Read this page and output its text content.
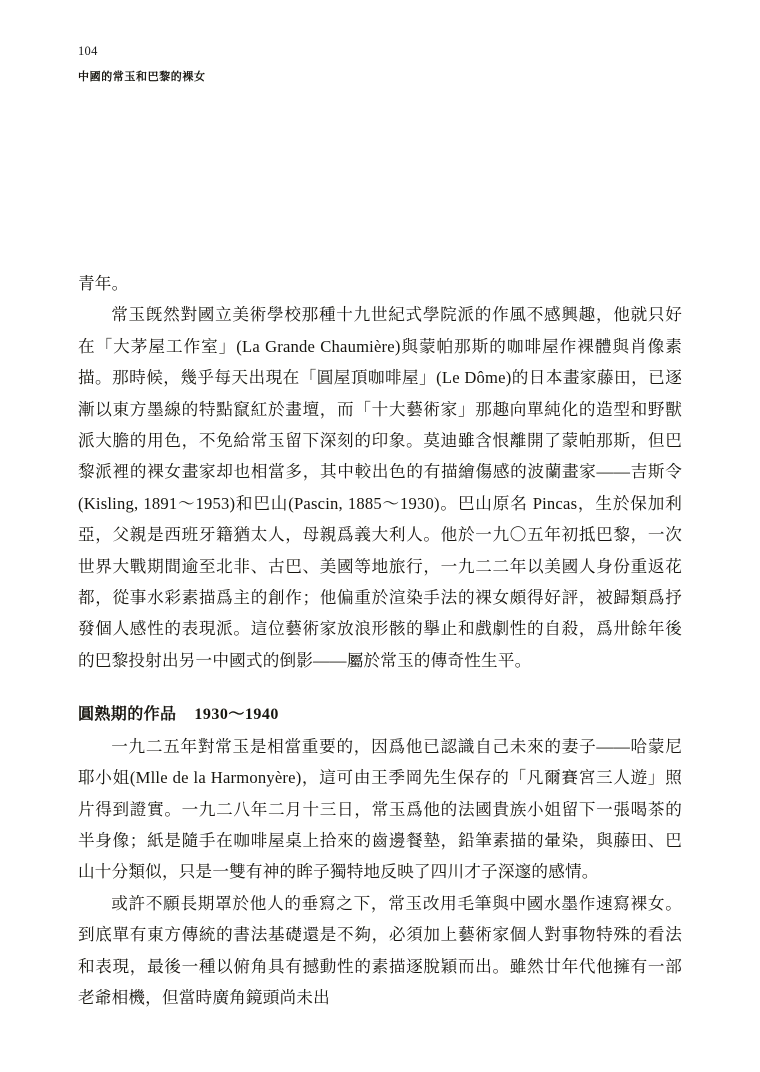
104
中國的常玉和巴黎的裸女

青年。

常玉旣然對國立美術學校那種十九世紀式學院派的作風不感興趣，他就只好在「大茅屋工作室」(La Grande Chaumière)與蒙帕那斯的咖啡屋作裸體與肖像素描。那時候，幾乎每天出現在「圓屋頂咖啡屋」(Le Dôme)的日本畫家藤田，已逐漸以東方墨線的特點竄紅於畫壇，而「十大藝術家」那趣向單純化的造型和野獸派大膽的用色，不免給常玉留下深刻的印象。莫迪雖含恨離開了蒙帕那斯，但巴黎派裡的裸女畫家却也相當多，其中較出色的有描繪傷感的波蘭畫家——吉斯令(Kisling, 1891～1953)和巴山(Pascin, 1885～1930)。巴山原名 Pincas，生於保加利亞，父親是西班牙籍猶太人，母親爲義大利人。他於一九〇五年初抵巴黎，一次世界大戰期間逾至北非、古巴、美國等地旅行，一九二二年以美國人身份重返花都，從事水彩素描爲主的創作；他偏重於渲染手法的裸女頗得好評，被歸類爲抒發個人感性的表現派。這位藝術家放浪形骸的擧止和戲劇性的自殺，爲卅餘年後的巴黎投射出另一中國式的倒影——屬於常玉的傳奇性生平。

圓熟期的作品 1930～1940

一九二五年對常玉是相當重要的，因爲他已認識自己未來的妻子——哈蒙尼耶小姐(Mlle de la Harmonyère)，這可由王季岡先生保存的「凡爾賽宮三人遊」照片得到證實。一九二八年二月十三日，常玉爲他的法國貴族小姐留下一張喝茶的半身像；紙是隨手在咖啡屋桌上拾來的齒邊餐墊，鉛筆素描的暈染，與藤田、巴山十分類似，只是一雙有神的眸子獨特地反映了四川才子深邃的感情。

或許不願長期罩於他人的垂寫之下，常玉改用毛筆與中國水墨作速寫裸女。到底單有東方傳統的書法基礎還是不夠，必須加上藝術家個人對事物特殊的看法和表現，最後一種以俯角具有撼動性的素描逐脫穎而出。雖然廿年代他擁有一部老爺相機，但當時廣角鏡頭尚未出
